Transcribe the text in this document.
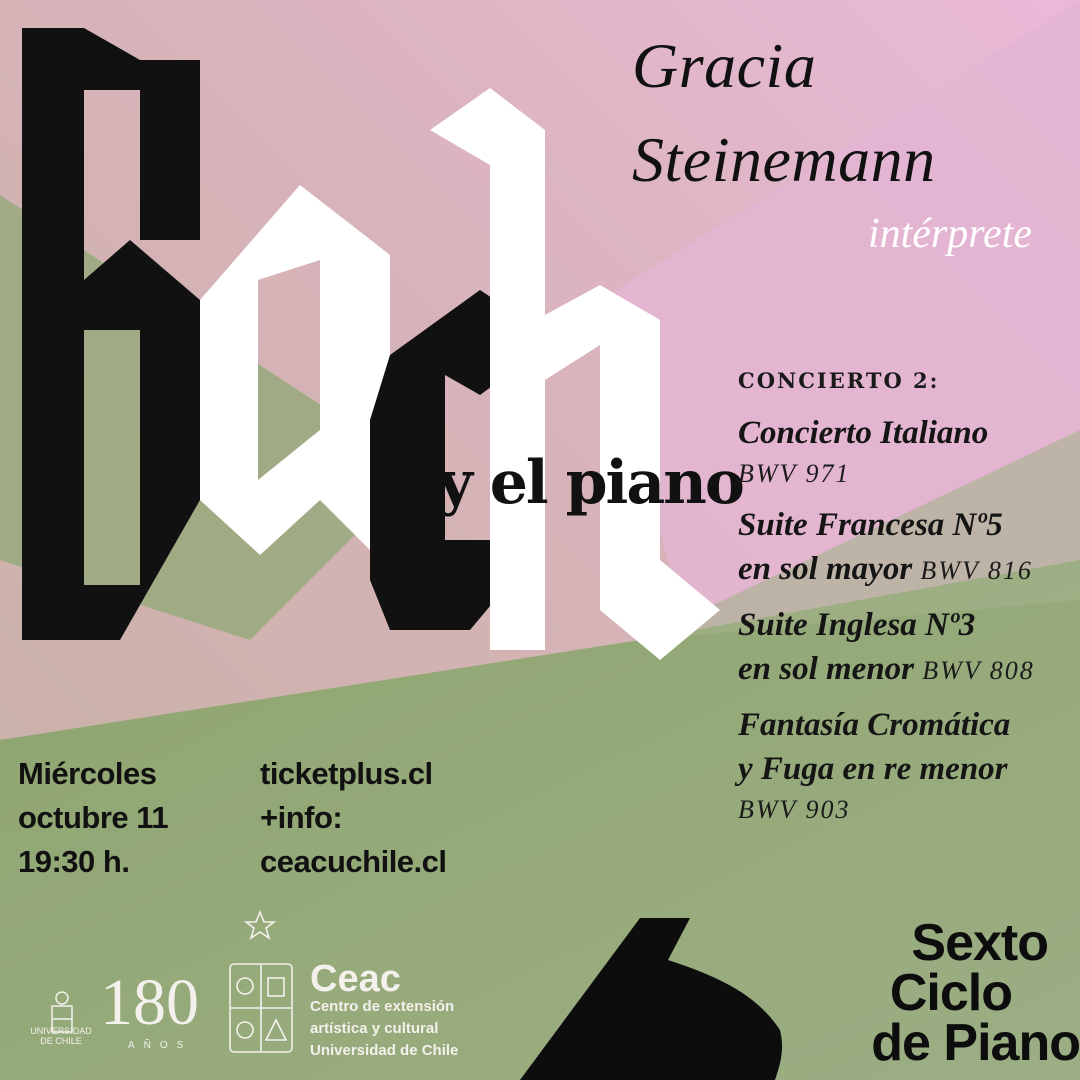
y el piano
Gracia
Steinemann
intérprete
CONCIERTO 2:
Concierto Italiano
BWV 971
Suite Francesa Nº5
en sol mayor BWV 816
Suite Inglesa Nº3
en sol menor BWV 808
Fantasía Cromática
y Fuga en re menor
BWV 903
Miércoles
octubre 11
19:30 h.
ticketplus.cl
+info:
ceacuchile.cl
Sexto
Ciclo
de Piano
UNIVERSIDAD DE CHILE
180
AÑOS
Ceac
Centro de extensión
artística y cultural
Universidad de Chile
